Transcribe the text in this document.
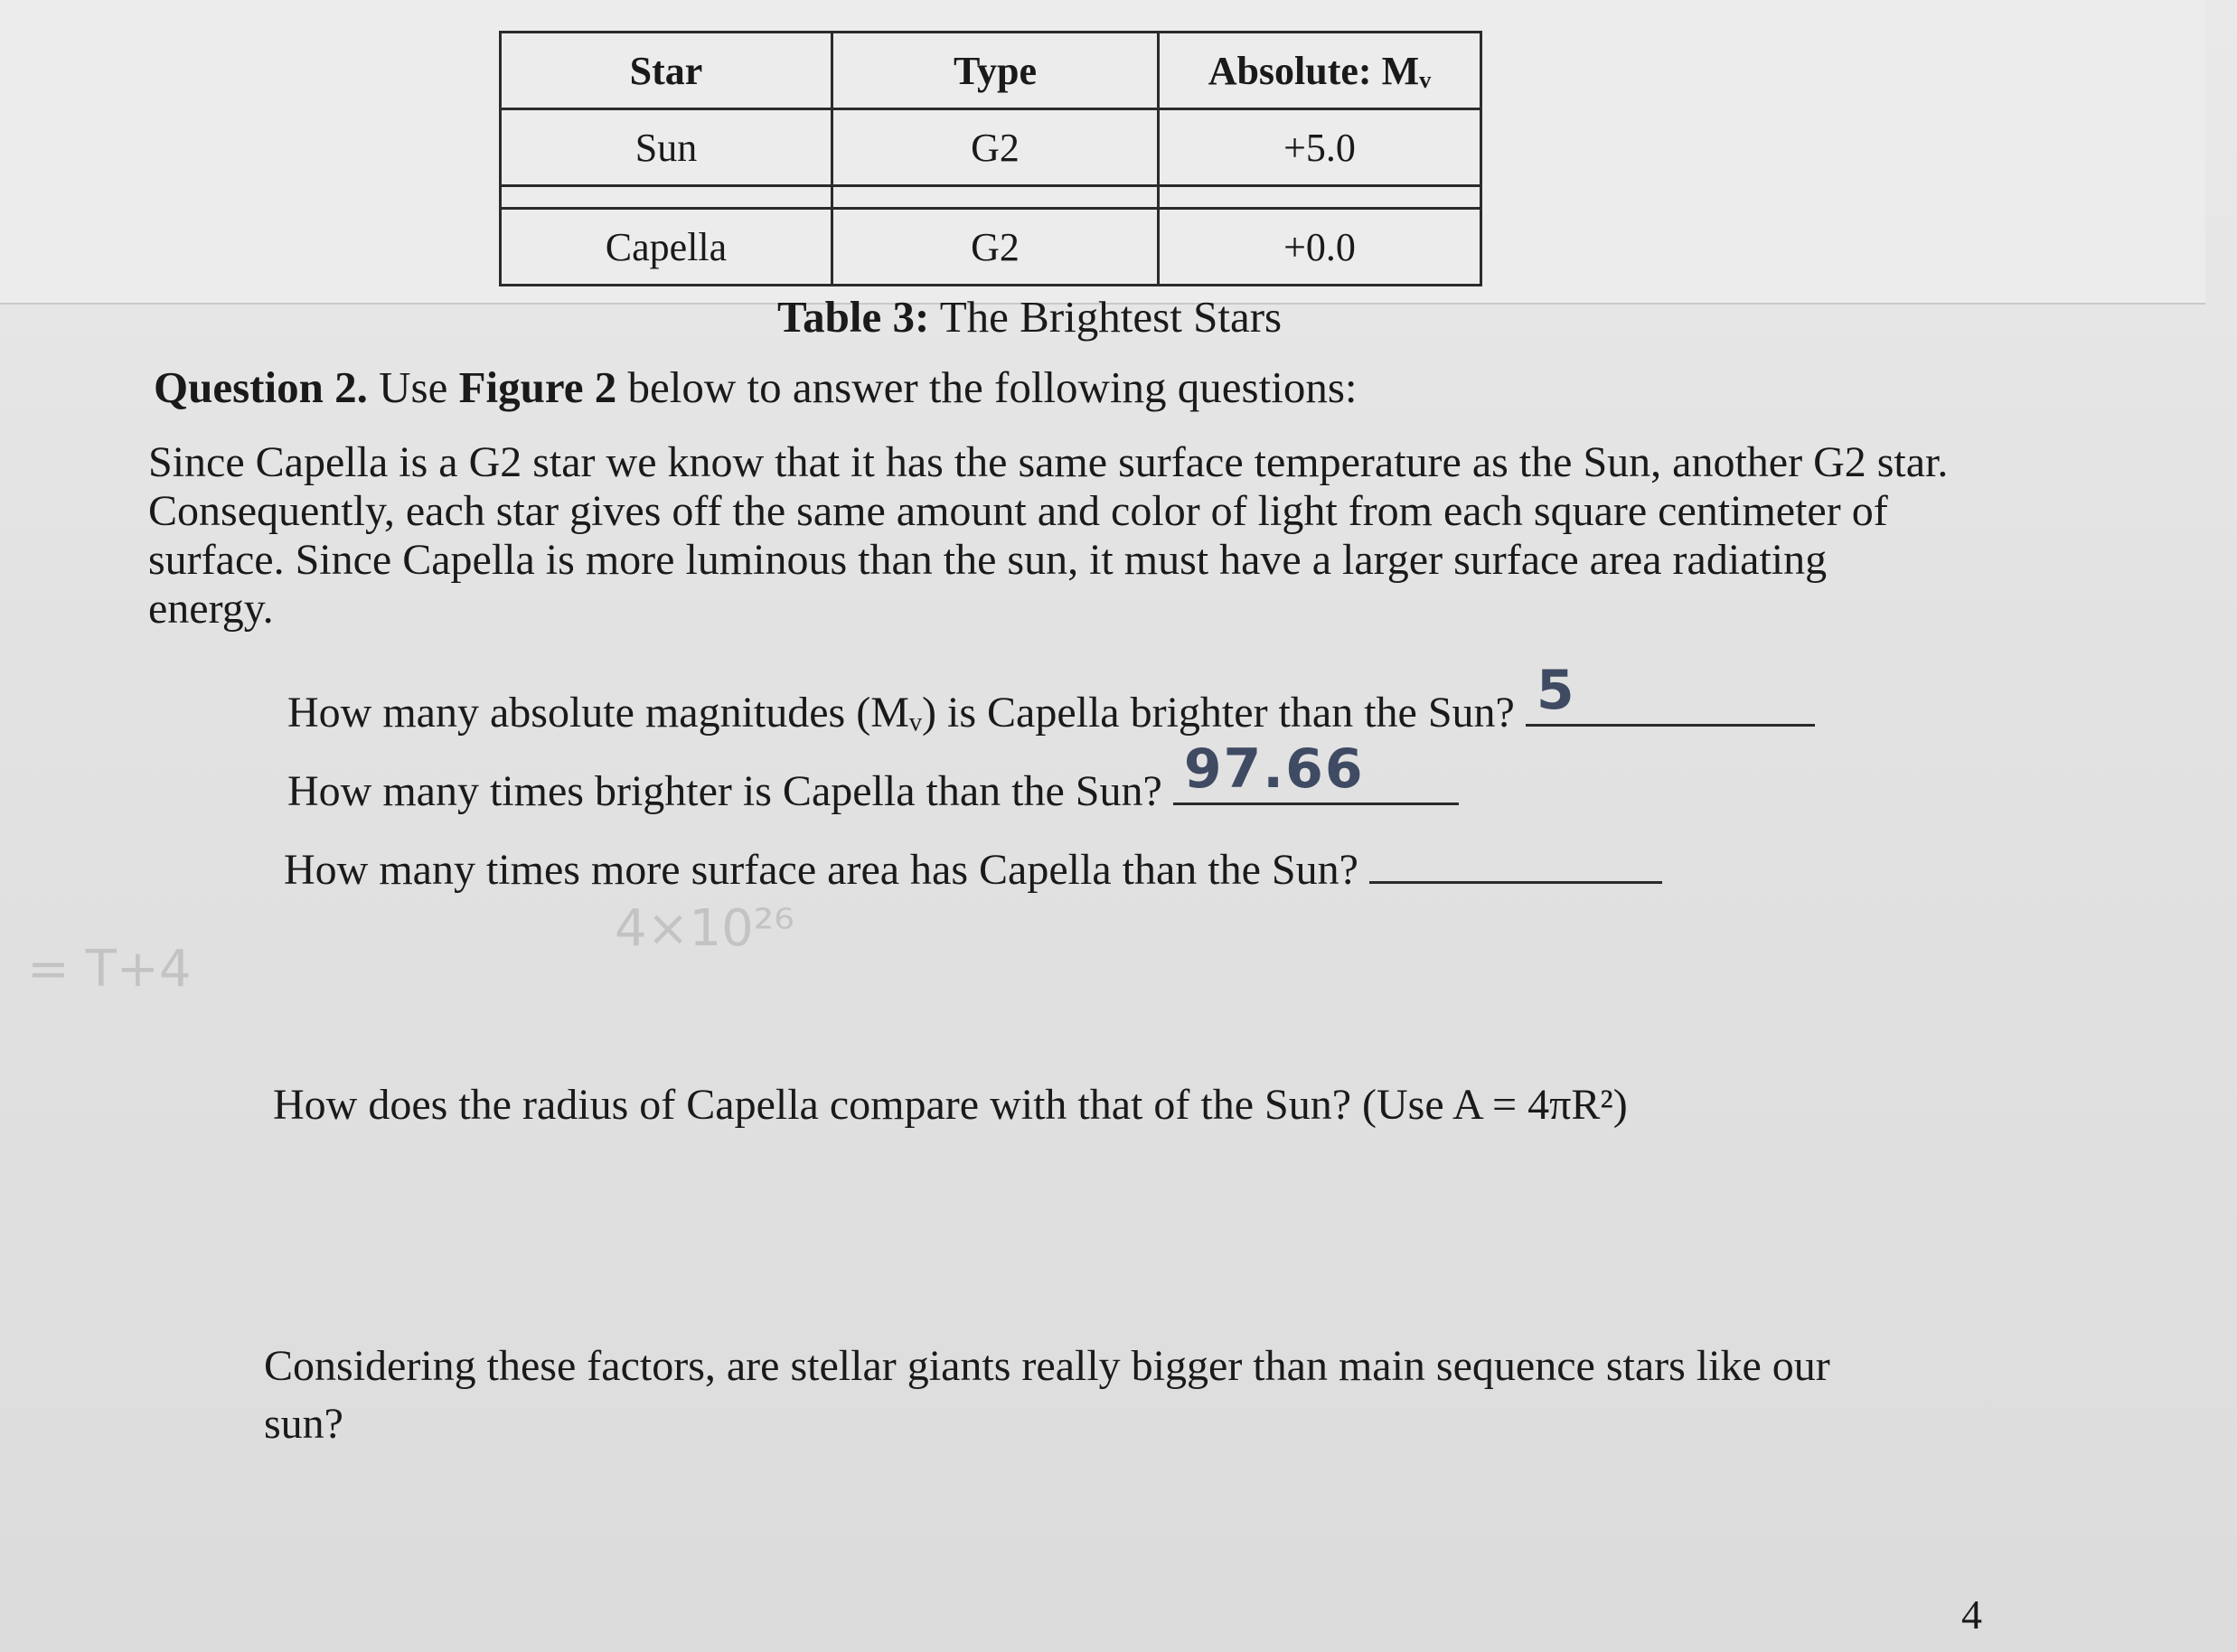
Star	Type	Absolute: Mᵥ
Sun	G2	+5.0

Capella	G2	+0.0
Table 3: The Brightest Stars
Question 2. Use Figure 2 below to answer the following questions:
Since Capella is a G2 star we know that it has the same surface temperature as the Sun, another G2 star. Consequently, each star gives off the same amount and color of light from each square centimeter of surface. Since Capella is more luminous than the sun, it must have a larger surface area radiating energy.
How many absolute magnitudes (Mᵥ) is Capella brighter than the Sun? 5
How many times brighter is Capella than the Sun? 97.66
How many times more surface area has Capella than the Sun?
4×10²⁶
= T+4
How does the radius of Capella compare with that of the Sun? (Use A = 4πR²)
Considering these factors, are stellar giants really bigger than main sequence stars like our sun?
4
